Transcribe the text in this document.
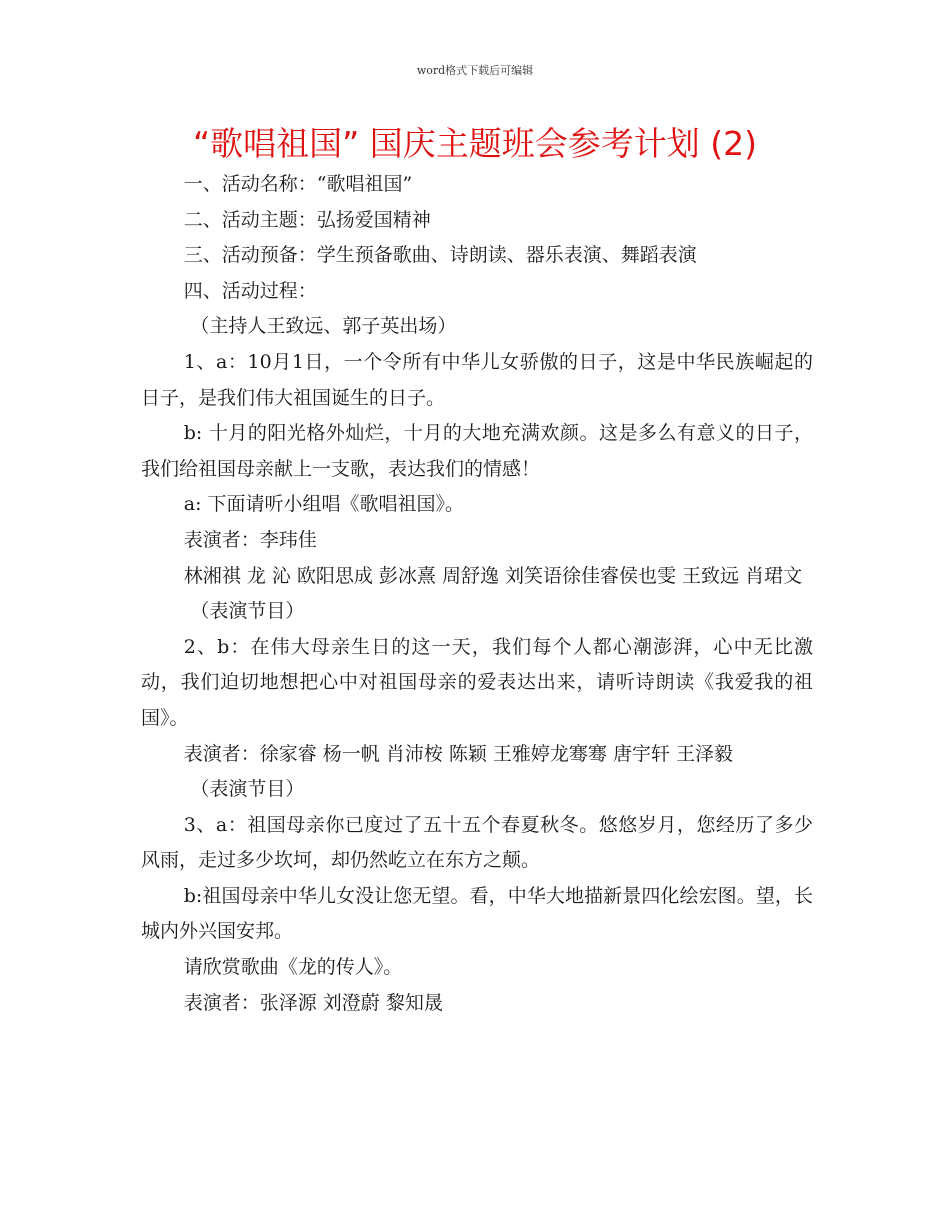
word格式下载后可编辑
“歌唱祖国” 国庆主题班会参考计划 (2)

一、活动名称：“歌唱祖国”

二、活动主题：弘扬爱国精神

三、活动预备：学生预备歌曲、诗朗读、器乐表演、舞蹈表演

四、活动过程：

（主持人王致远、郭子英出场）

1、a：10月1日，一个令所有中华儿女骄傲的日子，这是中华民族崛起的日子，是我们伟大祖国诞生的日子。

b: 十月的阳光格外灿烂，十月的大地充满欢颜。这是多么有意义的日子，我们给祖国母亲献上一支歌，表达我们的情感！

a: 下面请听小组唱《歌唱祖国》。

表演者：李玮佳

林湘祺 龙 沁 欧阳思成 彭冰熹 周舒逸 刘笑语徐佳睿侯也雯 王致远 肖珺文

（表演节目）

2、b：在伟大母亲生日的这一天，我们每个人都心潮澎湃，心中无比激动，我们迫切地想把心中对祖国母亲的爱表达出来，请听诗朗读《我爱我的祖国》。

表演者：徐家睿 杨一帆 肖沛桉 陈颖 王雅婷龙骞骞 唐宇轩 王泽毅

（表演节目）

3、a：祖国母亲你已度过了五十五个春夏秋冬。悠悠岁月，您经历了多少风雨，走过多少坎坷，却仍然屹立在东方之颠。

b:祖国母亲中华儿女没让您无望。看，中华大地描新景四化绘宏图。望，长城内外兴国安邦。

请欣赏歌曲《龙的传人》。

表演者：张泽源 刘澄蔚 黎知晟
